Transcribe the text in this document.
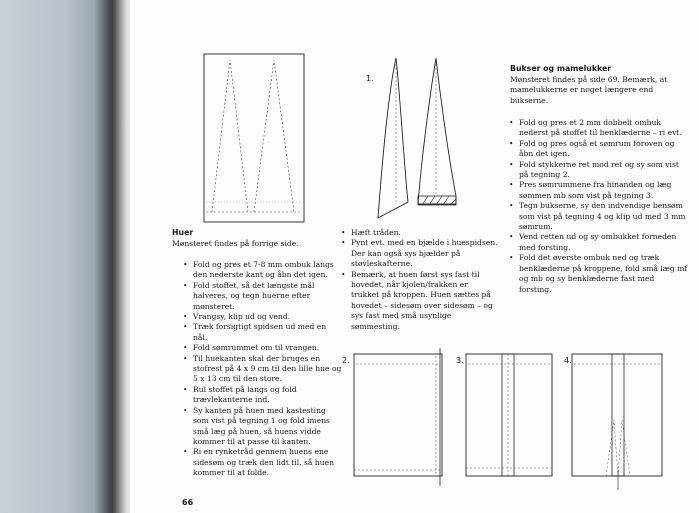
1.
Huer
Mønsteret findes på forrige side.
• Fold og pres et 7-8 mm ombuk langs den nederste kant og åbn det igen.
• Fold stoffet, så det længste mål halveres, og tegn huerne efter mønsteret.
• Vrangsy, klip ud og vend.
• Træk forsigtigt spidsen ud med en nål.
• Fold sømrummet om til vrangen.
• Til huekanten skal der bruges en stofrest på 4 x 9 cm til den lille hue og 5 x 13 cm til den store.
• Rul stoffet på langs og fold trævlekanterne ind.
• Sy kanten på huen med kastesting som vist på tegning 1 og fold imens små læg på huen, så huens vidde kommer til at passe til kanten.
• Ri en rynketråd gennem huens ene sidesøm og træk den lidt til, så huen kommer til at folde.
• Hæft tråden.
• Pynt evt. med en bjælde i huespidsen. Der kan også sys bjælder på støvleskafterne.
• Bemærk, at huen først sys fast til hovedet, når kjolen/frakken er trukket på kroppen. Huen sættes på hovedet – sidesøm over sidesøm – og sys fast med små usynlige sømmesting.
Bukser og mamelukker
Mønsteret findes på side 69. Bemærk, at mamelukkerne er noget længere end bukserne.
• Fold og pres et 2 mm dobbelt ombuk nederst på stoffet til benklæderne – ri evt.
• Fold og pres også et sømrum foroven og åbn det igen.
• Fold stykkerne ret mod ret og sy som vist på tegning 2.
• Pres sømrummene fra hinanden og læg sømmen mb som vist på tegning 3.
• Tegn bukserne, sy den indvendige bensøm som vist på tegning 4 og klip ud med 3 mm sømrum.
• Vend retten ud og sy ombukket forneden med forsting.
• Fold det øverste ombuk ned og træk benklæderne på kroppene, fold små læg mf og mb og sy benklæderne fast med forsting.
2.	3.	4.
66
